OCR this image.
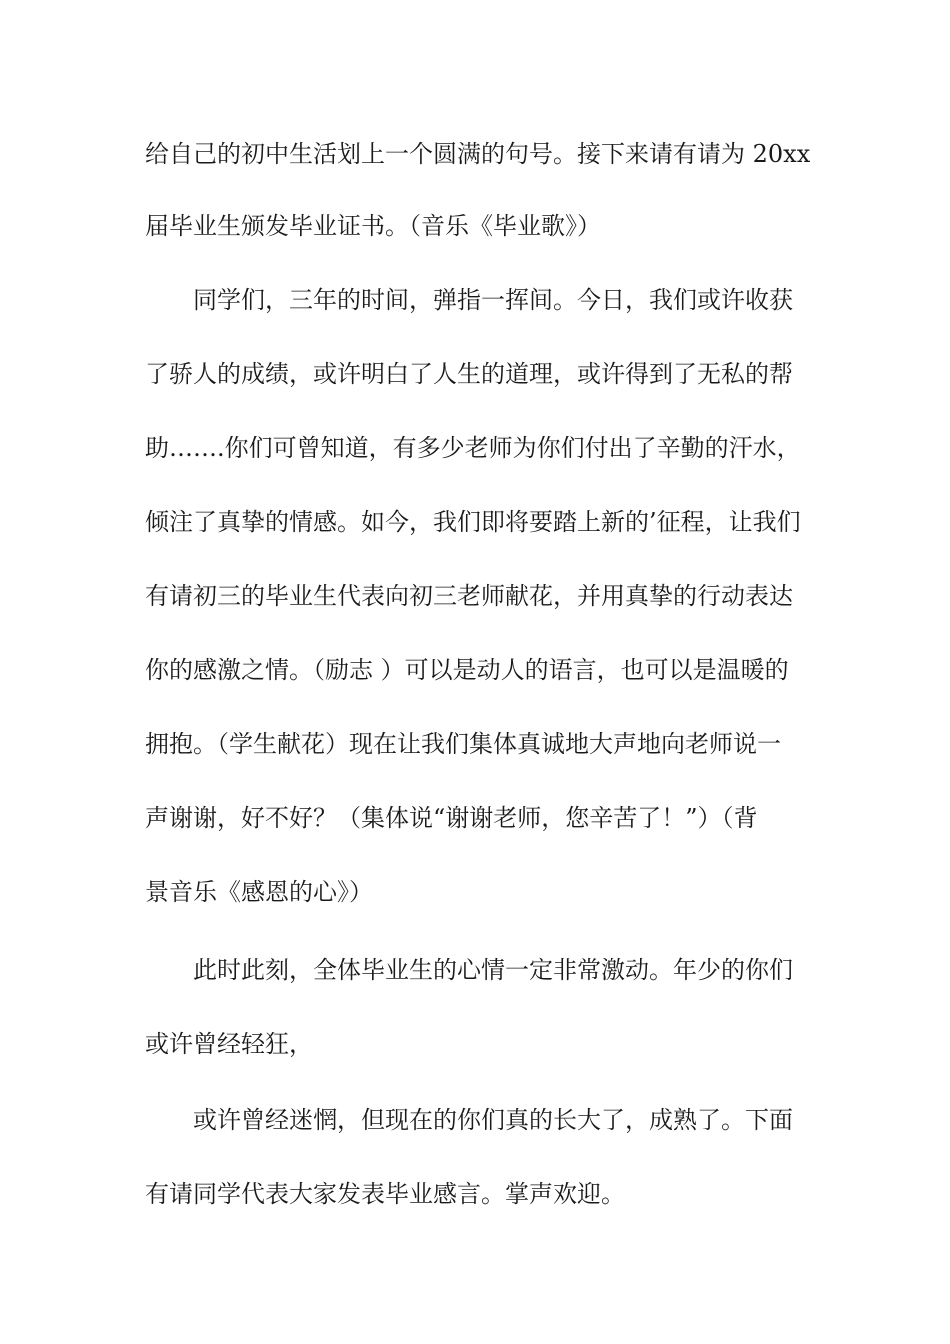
给自己的初中生活划上一个圆满的句号。接下来请有请为 20xx
届毕业生颁发毕业证书。（音乐《毕业歌》）
同学们，三年的时间，弹指一挥间。今日，我们或许收获
了骄人的成绩，或许明白了人生的道理，或许得到了无私的帮
助…….你们可曾知道，有多少老师为你们付出了辛勤的汗水，
倾注了真挚的情感。如今，我们即将要踏上新的’征程，让我们
有请初三的毕业生代表向初三老师献花，并用真挚的行动表达
你的感激之情。（励志 ）可以是动人的语言，也可以是温暖的
拥抱。（学生献花）现在让我们集体真诚地大声地向老师说一
声谢谢，好不好？（集体说“谢谢老师，您辛苦了！”）（背
景音乐《感恩的心》）
此时此刻，全体毕业生的心情一定非常激动。年少的你们
或许曾经轻狂，
或许曾经迷惘，但现在的你们真的长大了，成熟了。下面
有请同学代表大家发表毕业感言。掌声欢迎。
